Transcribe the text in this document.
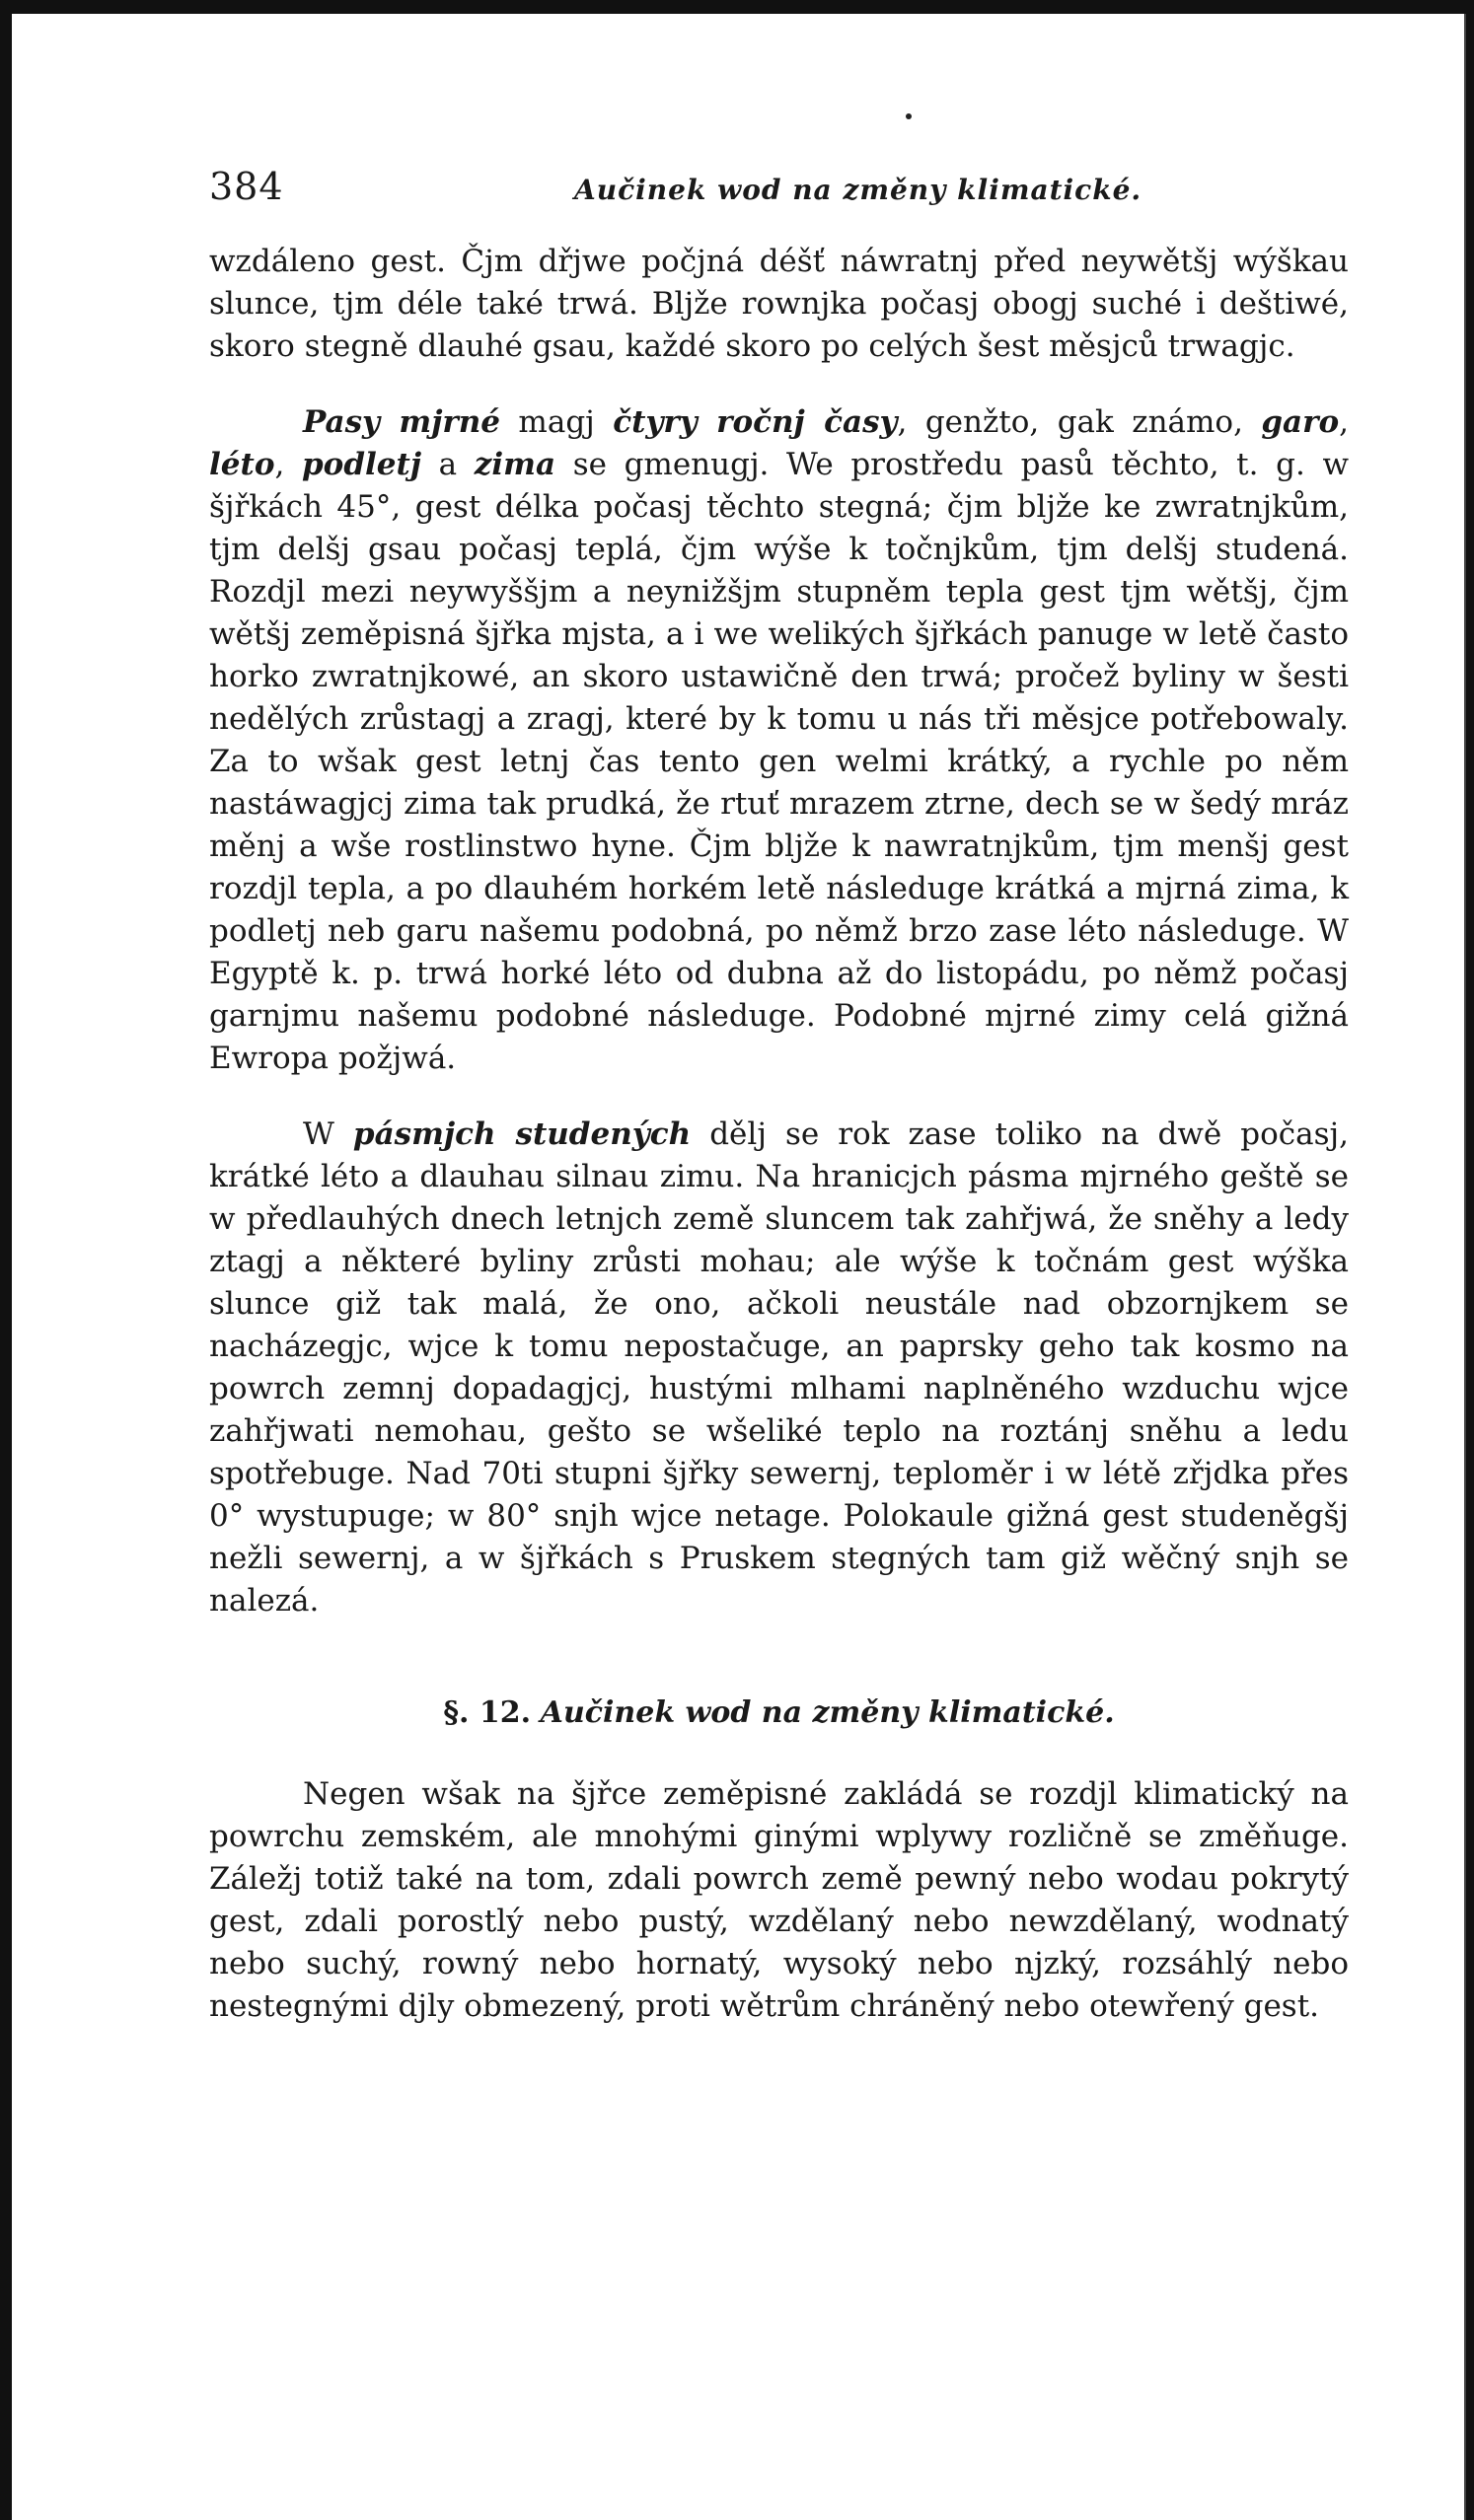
384	Aučinek wod na změny klimatické.

wzdáleno gest. Čjm dřjwe počjná déšť náwratnj před neywětšj wýškau slunce, tjm déle také trwá. Bljže rownjka počasj obogj suché i deštiwé, skoro stegně dlauhé gsau, každé skoro po celých šest měsjců trwagjc.

Pasy mjrné magj čtyry ročnj časy, genžto, gak známo, garo, léto, podletj a zima se gmenugj. We prostředu pasů těchto, t. g. w šjřkách 45°, gest délka počasj těchto stegná; čjm bljže ke zwratnjkům, tjm delšj gsau počasj teplá, čjm wýše k točnjkům, tjm delšj studená. Rozdjl mezi neywyššjm a neynižšjm stupněm tepla gest tjm wětšj, čjm wětšj zeměpisná šjřka mjsta, a i we welikých šjřkách panuge w letě často horko zwratnjkowé, an skoro ustawičně den trwá; pročež byliny w šesti nedělých zrůstagj a zragj, které by k tomu u nás tři měsjce potřebowaly. Za to wšak gest letnj čas tento gen welmi krátký, a rychle po něm nastáwagjcj zima tak prudká, že rtuť mrazem ztrne, dech se w šedý mráz měnj a wše rostlinstwo hyne. Čjm bljže k nawratnjkům, tjm menšj gest rozdjl tepla, a po dlauhém horkém letě následuge krátká a mjrná zima, k podletj neb garu našemu podobná, po němž brzo zase léto následuge. W Egyptě k. p. trwá horké léto od dubna až do listopádu, po němž počasj garnjmu našemu podobné následuge. Podobné mjrné zimy celá gižná Ewropa požjwá.

W pásmjch studených dělj se rok zase toliko na dwě počasj, krátké léto a dlauhau silnau zimu. Na hranicjch pásma mjrného geště se w předlauhých dnech letnjch země sluncem tak zahřjwá, že sněhy a ledy ztagj a některé byliny zrůsti mohau; ale wýše k točnám gest wýška slunce giž tak malá, že ono, ačkoli neustále nad obzornjkem se nacházegjc, wjce k tomu nepostačuge, an paprsky geho tak kosmo na powrch zemnj dopadagjcj, hustými mlhami naplněného wzduchu wjce zahřjwati nemohau, gešto se wšeliké teplo na roztánj sněhu a ledu spotřebuge. Nad 70ti stupni šjřky sewernj, teploměr i w létě zřjdka přes 0° wystupuge; w 80° snjh wjce netage. Polokaule gižná gest studeněgšj nežli sewernj, a w šjřkách s Pruskem stegných tam giž wěčný snjh se nalezá.

§. 12. Aučinek wod na změny klimatické.

Negen wšak na šjřce zeměpisné zakládá se rozdjl klimatický na powrchu zemském, ale mnohými ginými wplywy rozličně se změňuge. Záležj totiž také na tom, zdali powrch země pewný nebo wodau pokrytý gest, zdali porostlý nebo pustý, wzdělaný nebo newzdělaný, wodnatý nebo suchý, rowný nebo hornatý, wysoký nebo njzký, rozsáhlý nebo nestegnými djly obmezený, proti wětrům chráněný nebo otewřený gest.
